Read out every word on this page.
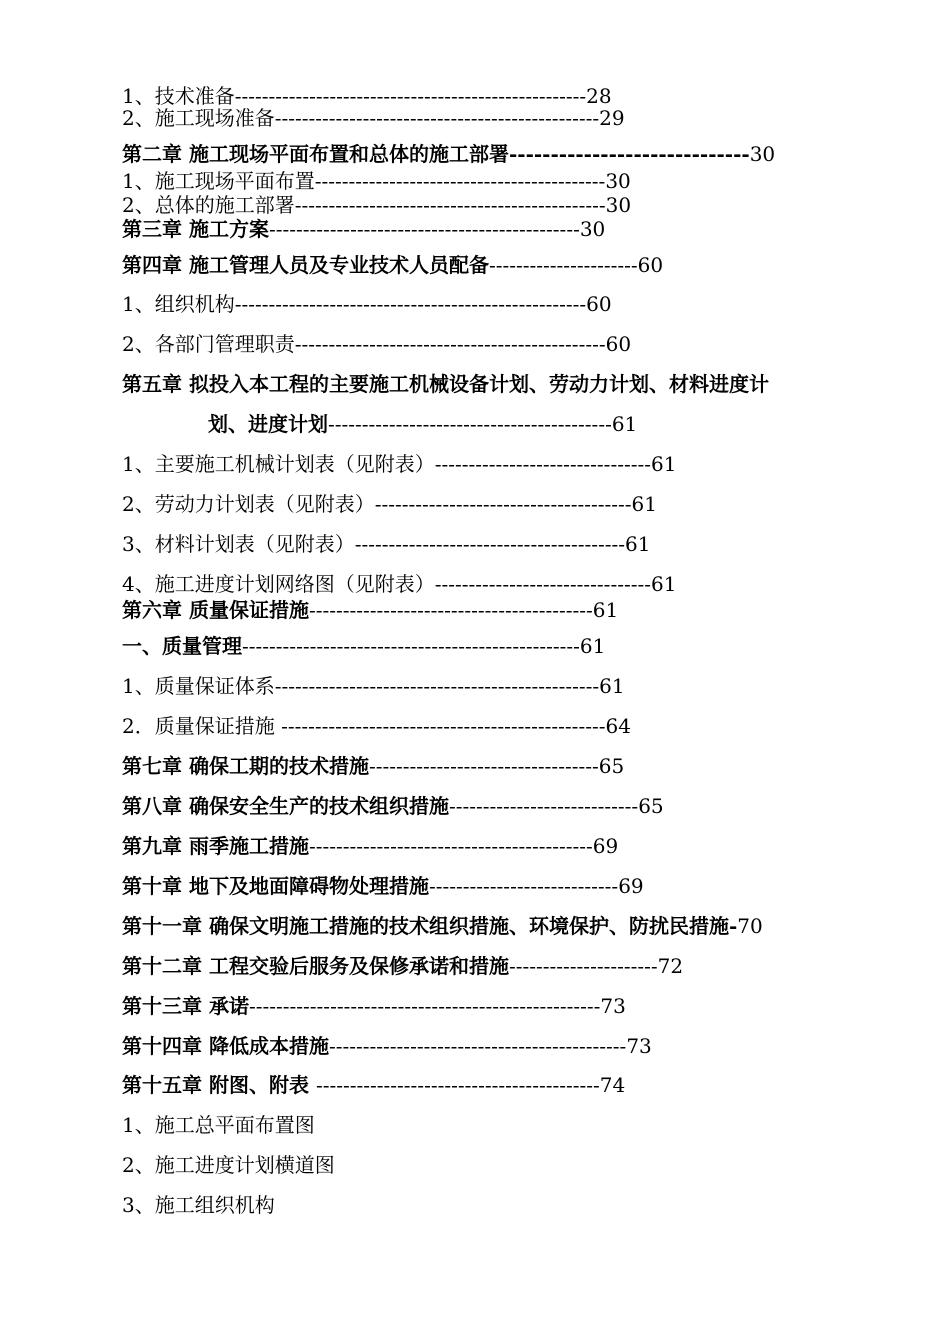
1、技术准备----------------------------------------------------28
2、施工现场准备------------------------------------------------29
第二章 施工现场平面布置和总体的施工部署-----------------------------30
1、施工现场平面布置-------------------------------------------30
2、总体的施工部署----------------------------------------------30
第三章 施工方案----------------------------------------------30
第四章 施工管理人员及专业技术人员配备----------------------60
1、组织机构----------------------------------------------------60
2、各部门管理职责----------------------------------------------60
第五章 拟投入本工程的主要施工机械设备计划、劳动力计划、材料进度计
划、进度计划------------------------------------------61
1、主要施工机械计划表（见附表）--------------------------------61
2、劳动力计划表（见附表）--------------------------------------61
3、材料计划表（见附表）----------------------------------------61
4、施工进度计划网络图（见附表）--------------------------------61
第六章 质量保证措施------------------------------------------61
一、质量管理--------------------------------------------------61
1、质量保证体系------------------------------------------------61
2．质量保证措施 ------------------------------------------------64
第七章 确保工期的技术措施----------------------------------65
第八章 确保安全生产的技术组织措施----------------------------65
第九章 雨季施工措施------------------------------------------69
第十章 地下及地面障碍物处理措施----------------------------69
第十一章 确保文明施工措施的技术组织措施、环境保护、防扰民措施-70
第十二章 工程交验后服务及保修承诺和措施----------------------72
第十三章 承诺----------------------------------------------------73
第十四章 降低成本措施--------------------------------------------73
第十五章 附图、附表 ------------------------------------------74
1、施工总平面布置图
2、施工进度计划横道图
3、施工组织机构
